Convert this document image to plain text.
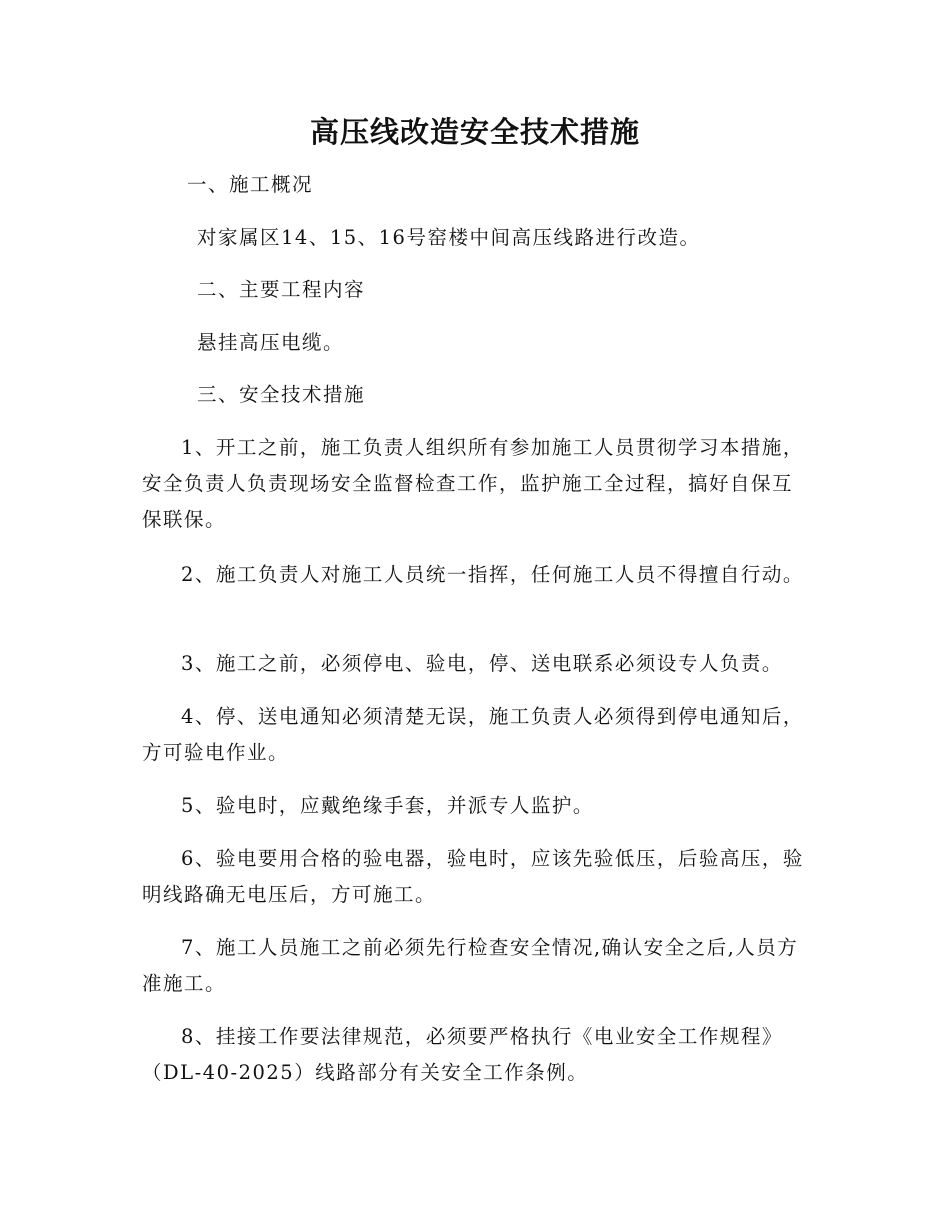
高压线改造安全技术措施

一、施工概况

对家属区14、15、16号窑楼中间高压线路进行改造。

二、主要工程内容

悬挂高压电缆。

三、安全技术措施

1、开工之前，施工负责人组织所有参加施工人员贯彻学习本措施，安全负责人负责现场安全监督检查工作，监护施工全过程，搞好自保互保联保。

2、施工负责人对施工人员统一指挥，任何施工人员不得擅自行动。

3、施工之前，必须停电、验电，停、送电联系必须设专人负责。

4、停、送电通知必须清楚无误，施工负责人必须得到停电通知后，方可验电作业。

5、验电时，应戴绝缘手套，并派专人监护。

6、验电要用合格的验电器，验电时，应该先验低压，后验高压，验明线路确无电压后，方可施工。

7、施工人员施工之前必须先行检查安全情况,确认安全之后,人员方准施工。

8、挂接工作要法律规范，必须要严格执行《电业安全工作规程》（DL-40-2025）线路部分有关安全工作条例。
